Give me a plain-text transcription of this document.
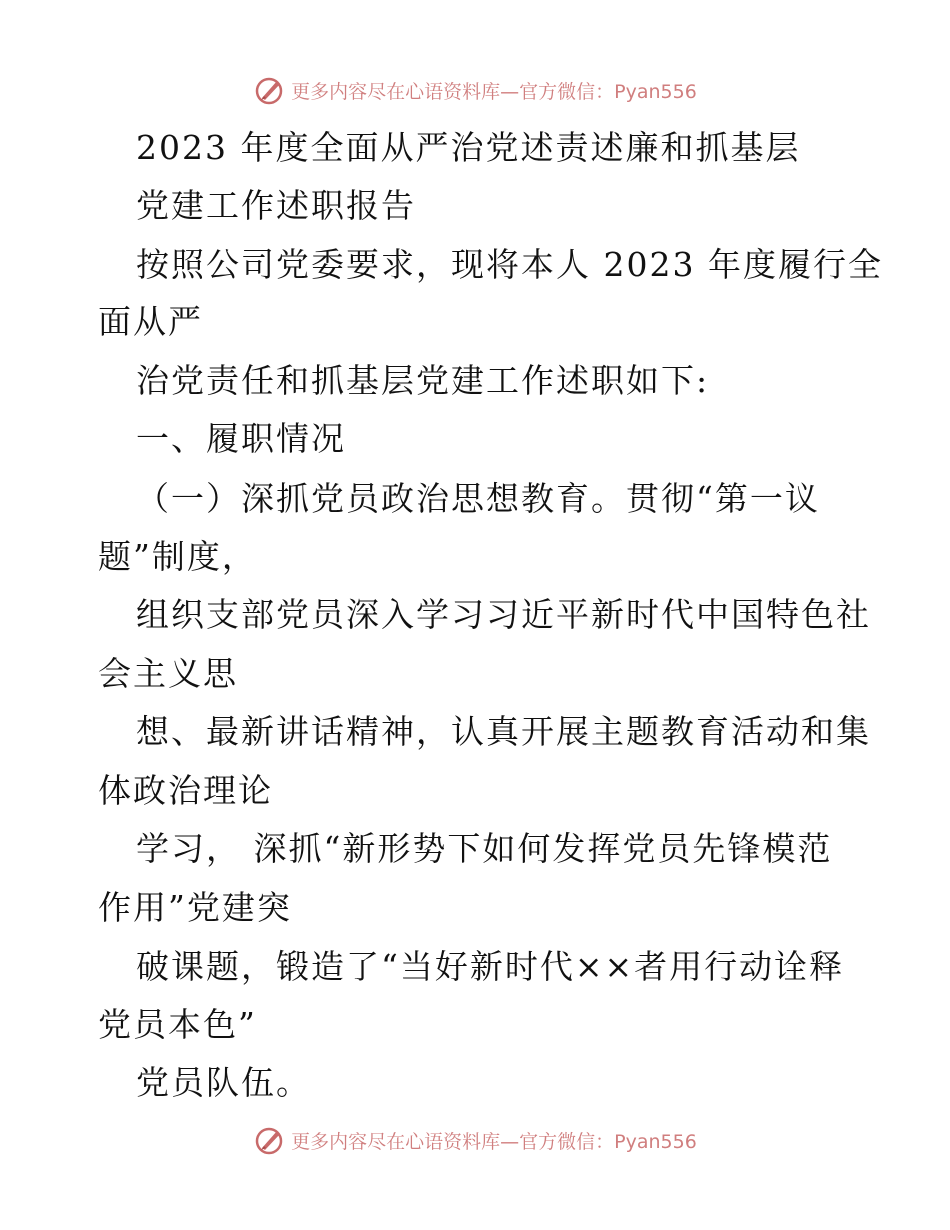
更多内容尽在心语资料库—官方微信：Pyan556
2023 年度全面从严治党述责述廉和抓基层
党建工作述职报告
按照公司党委要求，现将本人 2023 年度履行全
面从严
治党责任和抓基层党建工作述职如下:
一、履职情况
（一）深抓党员政治思想教育。贯彻“第一议
题”制度，
组织支部党员深入学习习近平新时代中国特色社
会主义思
想、最新讲话精神，认真开展主题教育活动和集
体政治理论
学习， 深抓“新形势下如何发挥党员先锋模范
作用”党建突
破课题，锻造了“当好新时代××者用行动诠释
党员本色”
党员队伍。
更多内容尽在心语资料库—官方微信：Pyan556
